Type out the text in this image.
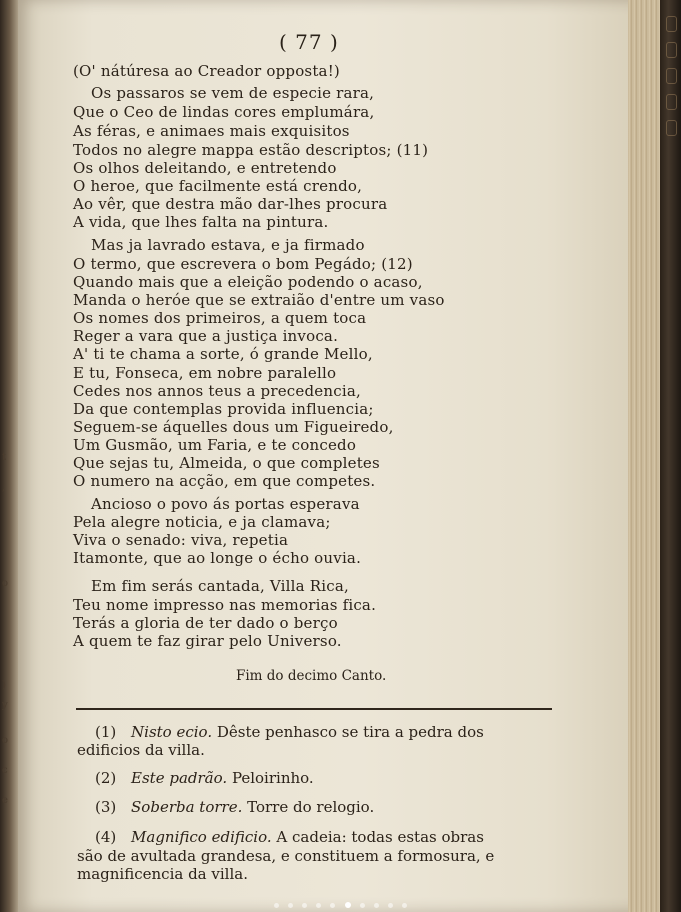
t
,
o
)
y
o
c
e
( 77 )
(O' nátúresa ao Creador opposta!)
Os passaros se vem de especie rara,
Que o Ceo de lindas cores emplumára,
As féras, e animaes mais exquisitos
Todos no alegre mappa estão descriptos; (11)
Os olhos deleitando, e entretendo
O heroe, que facilmente está crendo,
Ao vêr, que destra mão dar-lhes procura
A vida, que lhes falta na pintura.
Mas ja lavrado estava, e ja firmado
O termo, que escrevera o bom Pegádo; (12)
Quando mais que a eleição podendo o acaso,
Manda o heróe que se extraião d'entre um vaso
Os nomes dos primeiros, a quem toca
Reger a vara que a justiça invoca.
A' ti te chama a sorte, ó grande Mello,
E tu, Fonseca, em nobre paralello
Cedes nos annos teus a precedencia,
Da que contemplas provida influencia;
Seguem-se áquelles dous um Figueiredo,
Um Gusmão, um Faria, e te concedo
Que sejas tu, Almeida, o que completes
O numero na acção, em que competes.
Ancioso o povo ás portas esperava
Pela alegre noticia, e ja clamava;
Viva o senado: viva, repetia
Itamonte, que ao longe o écho ouvia.
Em fim serás cantada, Villa Rica,
Teu nome impresso nas memorias fica.
Terás a gloria de ter dado o berço
A quem te faz girar pelo Universo.
Fim do decimo Canto.
(1) Nisto ecio. Dêste penhasco se tira a pedra dos
edificios da villa.
(2) Este padrão. Peloirinho.
(3) Soberba torre. Torre do relogio.
(4) Magnifico edificio. A cadeia: todas estas obras
são de avultada grandesa, e constituem a formosura, e
magnificencia da villa.
